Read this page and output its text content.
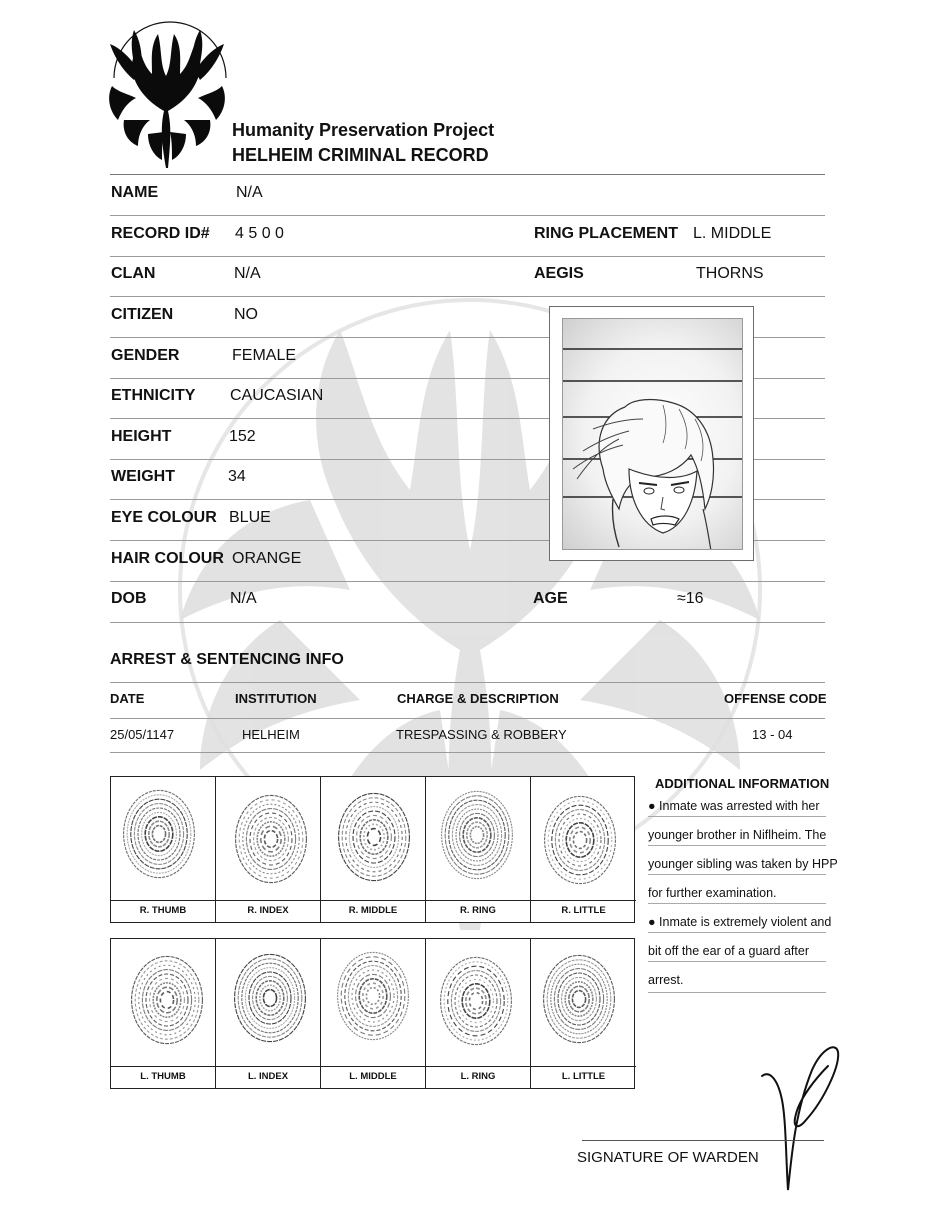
Humanity Preservation Project
HELHEIM CRIMINAL RECORD
NAME	N/A
RECORD ID# 4 5 0 0	RING PLACEMENT L. MIDDLE
CLAN	N/A	AEGIS	THORNS
CITIZEN	NO
GENDER	FEMALE
ETHNICITY CAUCASIAN
HEIGHT	152
WEIGHT	34
EYE COLOUR BLUE
HAIR COLOUR ORANGE
DOB	N/A	AGE	≈16
ARREST & SENTENCING INFO
DATE	INSTITUTION	CHARGE & DESCRIPTION	OFFENSE CODE
25/05/1147	HELHEIM	TRESPASSING & ROBBERY	13 - 04
R. THUMB	R. INDEX	R. MIDDLE	R. RING	R. LITTLE
L. THUMB	L. INDEX	L. MIDDLE	L. RING	L. LITTLE
ADDITIONAL INFORMATION
● Inmate was arrested with her
younger brother in Niflheim. The
younger sibling was taken by HPP
for further examination.
● Inmate is extremely violent and
bit off the ear of a guard after
arrest.
SIGNATURE OF WARDEN
